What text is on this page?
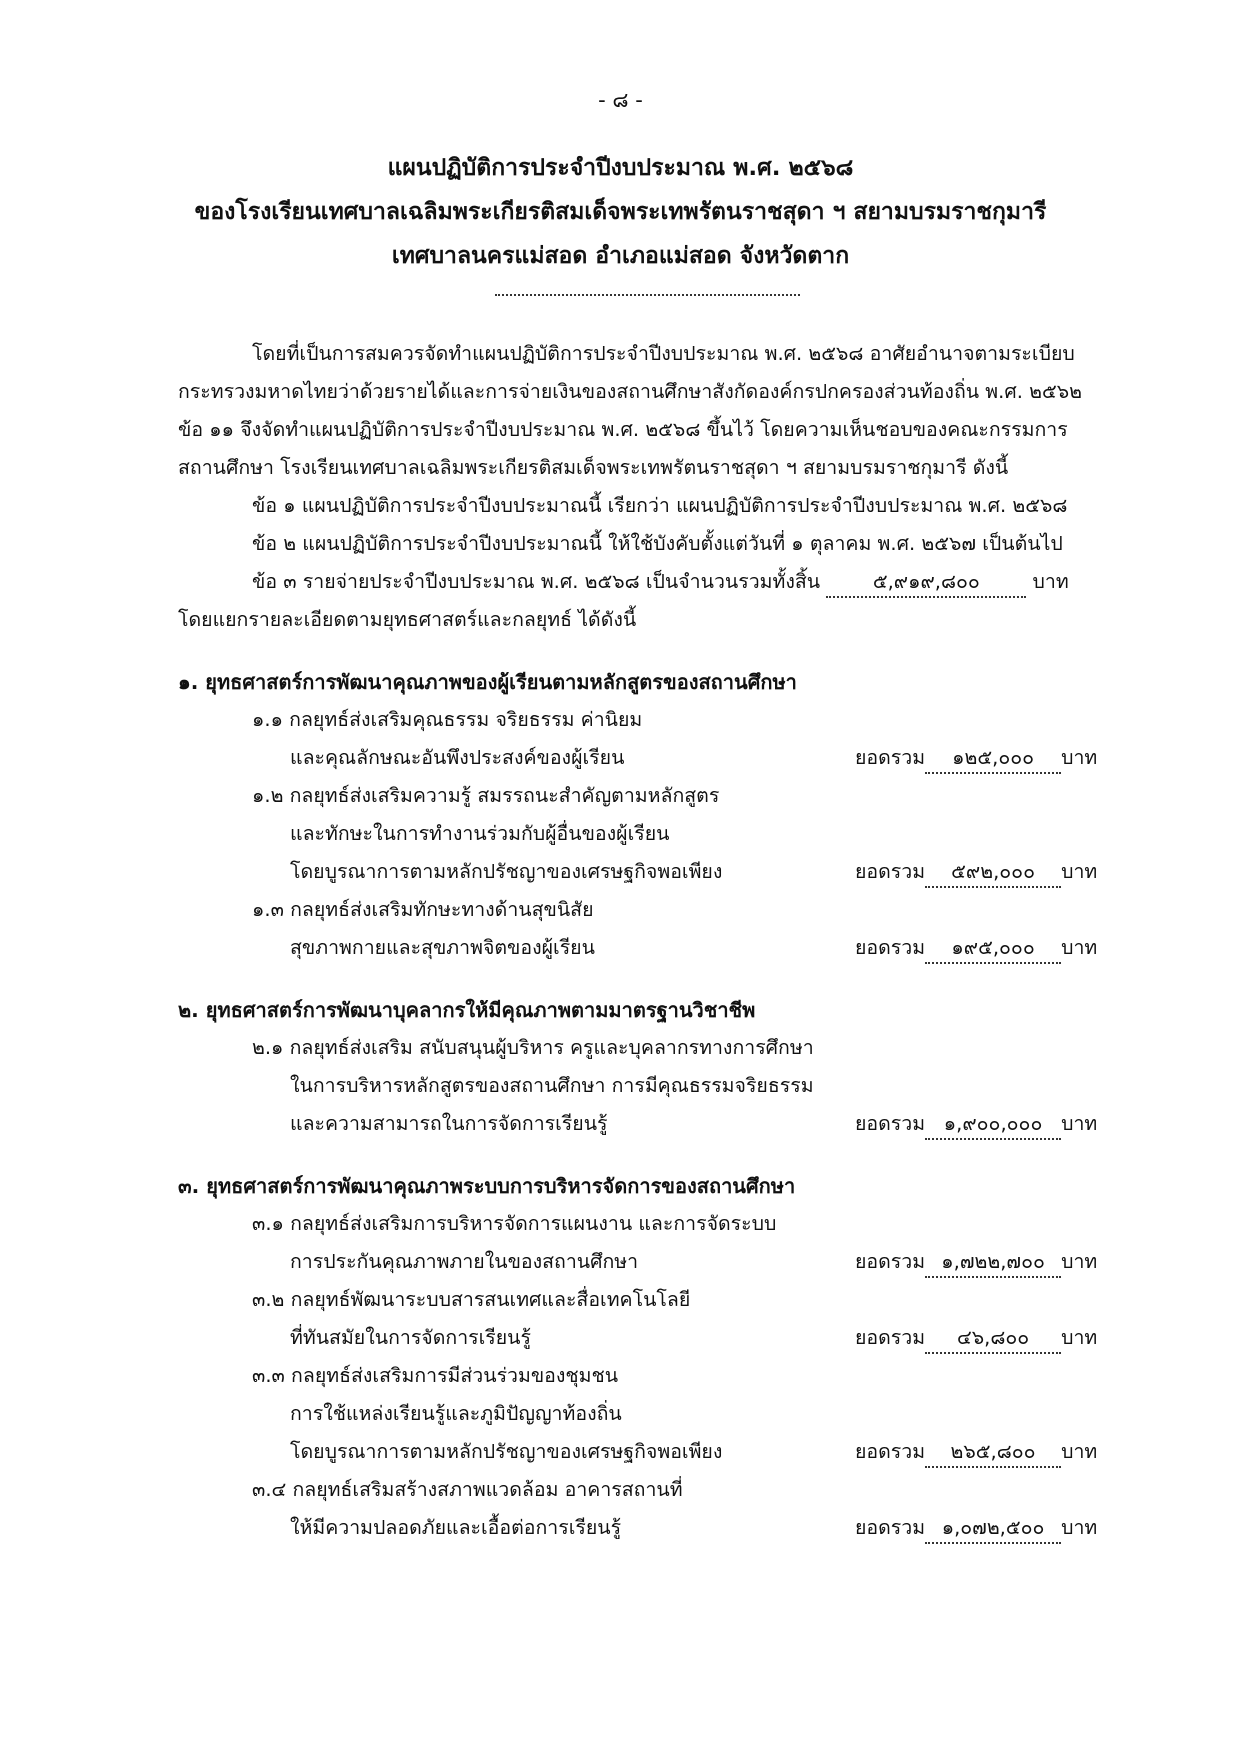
- ๘ -
แผนปฏิบัติการประจำปีงบประมาณ พ.ศ. ๒๕๖๘
ของโรงเรียนเทศบาลเฉลิมพระเกียรติสมเด็จพระเทพรัตนราชสุดา ฯ สยามบรมราชกุมารี
เทศบาลนครแม่สอด อำเภอแม่สอด จังหวัดตาก
โดยที่เป็นการสมควรจัดทำแผนปฏิบัติการประจำปีงบประมาณ พ.ศ. ๒๕๖๘ อาศัยอำนาจตามระเบียบ
กระทรวงมหาดไทยว่าด้วยรายได้และการจ่ายเงินของสถานศึกษาสังกัดองค์กรปกครองส่วนท้องถิ่น พ.ศ. ๒๕๖๒
ข้อ ๑๑ จึงจัดทำแผนปฏิบัติการประจำปีงบประมาณ พ.ศ. ๒๕๖๘ ขึ้นไว้ โดยความเห็นชอบของคณะกรรมการ
สถานศึกษา โรงเรียนเทศบาลเฉลิมพระเกียรติสมเด็จพระเทพรัตนราชสุดา ฯ สยามบรมราชกุมารี ดังนี้
ข้อ ๑ แผนปฏิบัติการประจำปีงบประมาณนี้ เรียกว่า แผนปฏิบัติการประจำปีงบประมาณ พ.ศ. ๒๕๖๘
ข้อ ๒ แผนปฏิบัติการประจำปีงบประมาณนี้ ให้ใช้บังคับตั้งแต่วันที่ ๑ ตุลาคม พ.ศ. ๒๕๖๗ เป็นต้นไป
ข้อ ๓ รายจ่ายประจำปีงบประมาณ พ.ศ. ๒๕๖๘ เป็นจำนวนรวมทั้งสิ้น	๕,๙๑๙,๘๐๐	บาท
โดยแยกรายละเอียดตามยุทธศาสตร์และกลยุทธ์ ได้ดังนี้
๑. ยุทธศาสตร์การพัฒนาคุณภาพของผู้เรียนตามหลักสูตรของสถานศึกษา
๑.๑ กลยุทธ์ส่งเสริมคุณธรรม จริยธรรม ค่านิยม
และคุณลักษณะอันพึงประสงค์ของผู้เรียน	ยอดรวม ๑๒๕,๐๐๐ บาท
๑.๒ กลยุทธ์ส่งเสริมความรู้ สมรรถนะสำคัญตามหลักสูตร
และทักษะในการทำงานร่วมกับผู้อื่นของผู้เรียน
โดยบูรณาการตามหลักปรัชญาของเศรษฐกิจพอเพียง	ยอดรวม ๕๙๒,๐๐๐ บาท
๑.๓ กลยุทธ์ส่งเสริมทักษะทางด้านสุขนิสัย
สุขภาพกายและสุขภาพจิตของผู้เรียน	ยอดรวม ๑๙๕,๐๐๐ บาท
๒. ยุทธศาสตร์การพัฒนาบุคลากรให้มีคุณภาพตามมาตรฐานวิชาชีพ
๒.๑ กลยุทธ์ส่งเสริม สนับสนุนผู้บริหาร ครูและบุคลากรทางการศึกษา
ในการบริหารหลักสูตรของสถานศึกษา การมีคุณธรรมจริยธรรม
และความสามารถในการจัดการเรียนรู้	ยอดรวม ๑,๙๐๐,๐๐๐ บาท
๓. ยุทธศาสตร์การพัฒนาคุณภาพระบบการบริหารจัดการของสถานศึกษา
๓.๑ กลยุทธ์ส่งเสริมการบริหารจัดการแผนงาน และการจัดระบบ
การประกันคุณภาพภายในของสถานศึกษา	ยอดรวม ๑,๗๒๒,๗๐๐ บาท
๓.๒ กลยุทธ์พัฒนาระบบสารสนเทศและสื่อเทคโนโลยี
ที่ทันสมัยในการจัดการเรียนรู้	ยอดรวม ๔๖,๘๐๐ บาท
๓.๓ กลยุทธ์ส่งเสริมการมีส่วนร่วมของชุมชน
การใช้แหล่งเรียนรู้และภูมิปัญญาท้องถิ่น
โดยบูรณาการตามหลักปรัชญาของเศรษฐกิจพอเพียง	ยอดรวม ๒๖๕,๘๐๐ บาท
๓.๔ กลยุทธ์เสริมสร้างสภาพแวดล้อม อาคารสถานที่
ให้มีความปลอดภัยและเอื้อต่อการเรียนรู้	ยอดรวม ๑,๐๗๒,๕๐๐ บาท
